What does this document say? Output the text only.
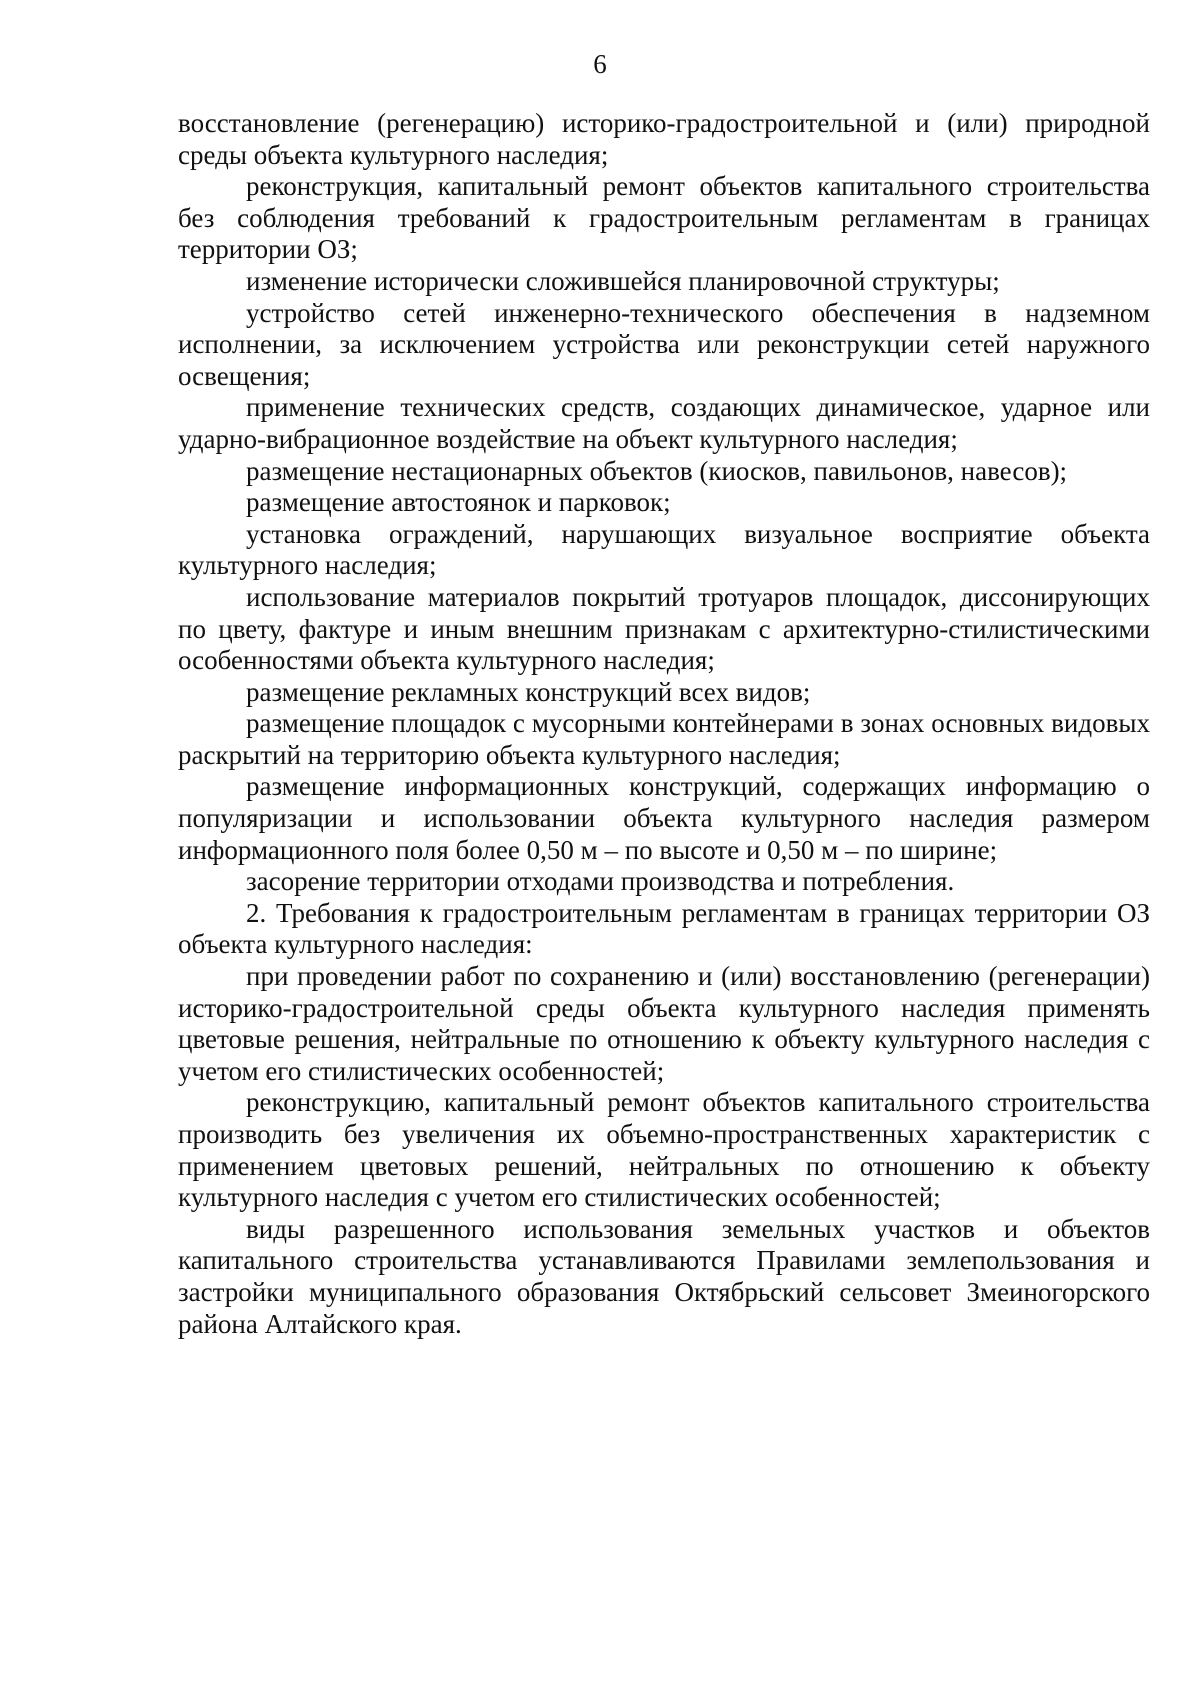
6

восстановление (регенерацию) историко-градостроительной и (или) природной среды объекта культурного наследия;

реконструкция, капитальный ремонт объектов капитального строительства без соблюдения требований к градостроительным регламентам в границах территории ОЗ;

изменение исторически сложившейся планировочной структуры;

устройство сетей инженерно-технического обеспечения в надземном исполнении, за исключением устройства или реконструкции сетей наружного освещения;

применение технических средств, создающих динамическое, ударное или ударно-вибрационное воздействие на объект культурного наследия;

размещение нестационарных объектов (киосков, павильонов, навесов);

размещение автостоянок и парковок;

установка ограждений, нарушающих визуальное восприятие объекта культурного наследия;

использование материалов покрытий тротуаров площадок, диссонирующих по цвету, фактуре и иным внешним признакам с архитектурно-стилистическими особенностями объекта культурного наследия;

размещение рекламных конструкций всех видов;

размещение площадок с мусорными контейнерами в зонах основных видовых раскрытий на территорию объекта культурного наследия;

размещение информационных конструкций, содержащих информацию о популяризации и использовании объекта культурного наследия размером информационного поля более 0,50 м – по высоте и 0,50 м – по ширине;

засорение территории отходами производства и потребления.

2. Требования к градостроительным регламентам в границах территории ОЗ объекта культурного наследия:

при проведении работ по сохранению и (или) восстановлению (регенерации) историко-градостроительной среды объекта культурного наследия применять цветовые решения, нейтральные по отношению к объекту культурного наследия с учетом его стилистических особенностей;

реконструкцию, капитальный ремонт объектов капитального строительства производить без увеличения их объемно-пространственных характеристик с применением цветовых решений, нейтральных по отношению к объекту культурного наследия с учетом его стилистических особенностей;

виды разрешенного использования земельных участков и объектов капитального строительства устанавливаются Правилами землепользования и застройки муниципального образования Октябрьский сельсовет Змеиногорского района Алтайского края.
